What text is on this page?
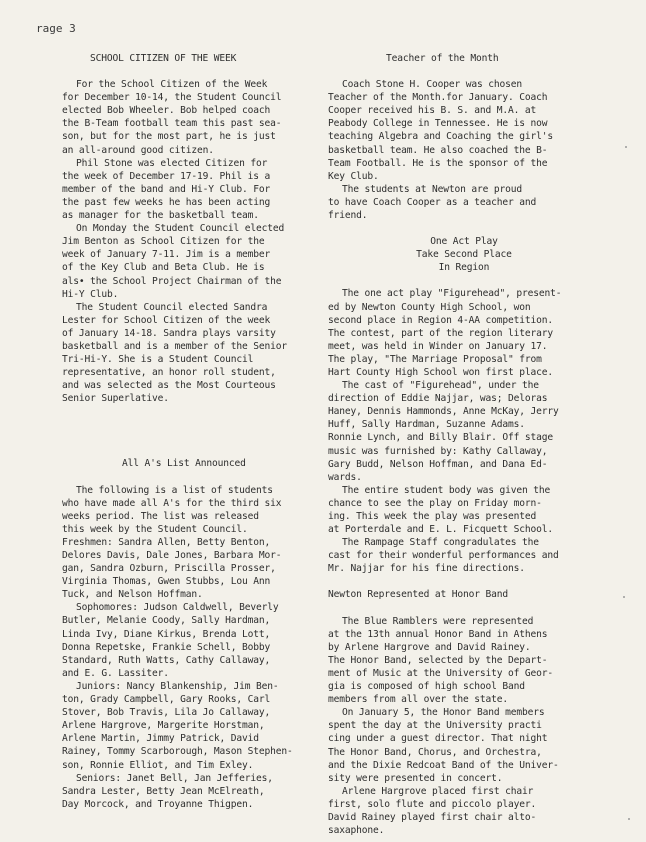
rage 3
SCHOOL CITIZEN OF THE WEEK

For the School Citizen of the Week
for December 10-14, the Student Council
elected Bob Wheeler. Bob helped coach
the B-Team football team this past sea-
son, but for the most part, he is just
an all-around good citizen.

Phil Stone was elected Citizen for
the week of December 17-19. Phil is a
member of the band and Hi-Y Club. For
the past few weeks he has been acting
as manager for the basketball team.

On Monday the Student Council elected
Jim Benton as School Citizen for the
week of January 7-11. Jim is a member
of the Key Club and Beta Club. He is
als• the School Project Chairman of the
Hi-Y Club.

The Student Council elected Sandra
Lester for School Citizen of the week
of January 14-18. Sandra plays varsity
basketball and is a member of the Senior
Tri-Hi-Y. She is a Student Council
representative, an honor roll student,
and was selected as the Most Courteous
Senior Superlative.

All A's List Announced

The following is a list of students
who have made all A's for the third six
weeks period. The list was released
this week by the Student Council.
Freshmen: Sandra Allen, Betty Benton,
Delores Davis, Dale Jones, Barbara Mor-
gan, Sandra Ozburn, Priscilla Prosser,
Virginia Thomas, Gwen Stubbs, Lou Ann
Tuck, and Nelson Hoffman.

Sophomores: Judson Caldwell, Beverly
Butler, Melanie Coody, Sally Hardman,
Linda Ivy, Diane Kirkus, Brenda Lott,
Donna Repetske, Frankie Schell, Bobby
Standard, Ruth Watts, Cathy Callaway,
and E. G. Lassiter.

Juniors: Nancy Blankenship, Jim Ben-
ton, Grady Campbell, Gary Rooks, Carl
Stover, Bob Travis, Lila Jo Callaway,
Arlene Hargrove, Margerite Horstman,
Arlene Martin, Jimmy Patrick, David
Rainey, Tommy Scarborough, Mason Stephen-
son, Ronnie Elliot, and Tim Exley.

Seniors: Janet Bell, Jan Jefferies,
Sandra Lester, Betty Jean McElreath,
Day Morcock, and Troyanne Thigpen.

Teacher of the Month

Coach Stone H. Cooper was chosen
Teacher of the Month.for January. Coach
Cooper received his B. S. and M.A. at
Peabody College in Tennessee. He is now
teaching Algebra and Coaching the girl's
basketball team. He also coached the B-
Team Football. He is the sponsor of the
Key Club.

The students at Newton are proud
to have Coach Cooper as a teacher and
friend.

One Act Play
Take Second Place
In Region

The one act play "Figurehead", present-
ed by Newton County High School, won
second place in Region 4-AA competition.
The contest, part of the region literary
meet, was held in Winder on January 17.
The play, "The Marriage Proposal" from
Hart County High School won first place.

The cast of "Figurehead", under the
direction of Eddie Najjar, was; Deloras
Haney, Dennis Hammonds, Anne McKay, Jerry
Huff, Sally Hardman, Suzanne Adams.
Ronnie Lynch, and Billy Blair. Off stage
music was furnished by: Kathy Callaway,
Gary Budd, Nelson Hoffman, and Dana Ed-
wards.

The entire student body was given the
chance to see the play on Friday morn-
ing. This week the play was presented
at Porterdale and E. L. Ficquett School.

The Rampage Staff congradulates the
cast for their wonderful performances and
Mr. Najjar for his fine directions.

Newton Represented at Honor Band

The Blue Ramblers were represented
at the 13th annual Honor Band in Athens
by Arlene Hargrove and David Rainey.
The Honor Band, selected by the Depart-
ment of Music at the University of Geor-
gia is composed of high school Band
members from all over the state.

On January 5, the Honor Band members
spent the day at the University practi
cing under a guest director. That night
The Honor Band, Chorus, and Orchestra,
and the Dixie Redcoat Band of the Univer-
sity were presented in concert.

Arlene Hargrove placed first chair
first, solo flute and piccolo player.
David Rainey played first chair alto-
saxaphone.
